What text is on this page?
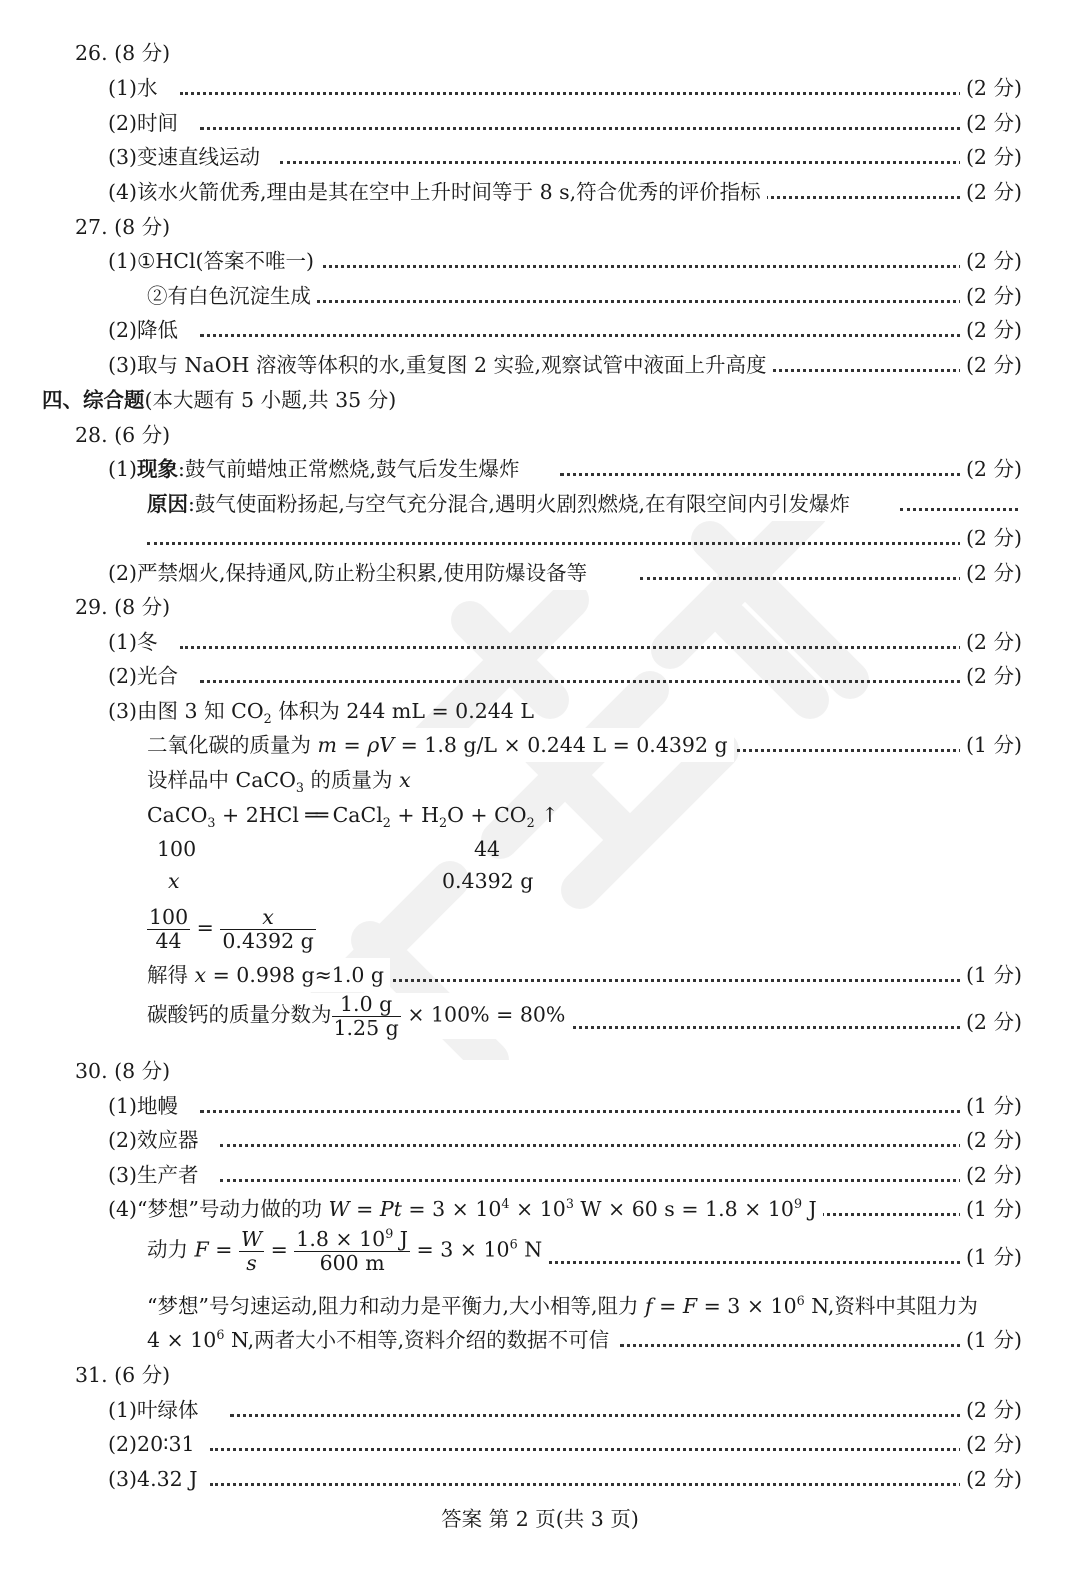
26. (8 分)
(1)水	(2 分)
(2)时间	(2 分)
(3)变速直线运动	(2 分)
(4)该水火箭优秀,理由是其在空中上升时间等于 8 s,符合优秀的评价指标	(2 分)
27. (8 分)
(1)①HCl(答案不唯一)	(2 分)
②有白色沉淀生成	(2 分)
(2)降低	(2 分)
(3)取与 NaOH 溶液等体积的水,重复图 2 实验,观察试管中液面上升高度	(2 分)
四、综合题(本大题有 5 小题,共 35 分)
28. (6 分)
(1)现象:鼓气前蜡烛正常燃烧,鼓气后发生爆炸	(2 分)
原因:鼓气使面粉扬起,与空气充分混合,遇明火剧烈燃烧,在有限空间内引发爆炸
(2 分)
(2)严禁烟火,保持通风,防止粉尘积累,使用防爆设备等	(2 分)
29. (8 分)
(1)冬	(2 分)
(2)光合	(2 分)
(3)由图 3 知 $CO_2$ 体积为 244 mL = 0.244 L
二氧化碳的质量为 m = ρV = 1.8 g/L × 0.244 L = 0.4392 g	(1 分)
设样品中 CaCO$_3$ 的质量为 x
CaCO$_3$ + 2HCl ══ CaCl$_2$ + $H_2O + CO_2$ ↑
100	44
x	0.4392 g
$\frac{100}{44} = \frac{x}{0.4392 g}$
解得 x = 0.998 g≈1.0 g	(1 分)
碳酸钙的质量分数为 $\frac{1.0 g}{1.25 g} \times 100\% = 80\%$	(2 分)
30. (8 分)
(1)地幔	(1 分)
(2)效应器	(2 分)
(3)生产者	(2 分)
(4)“梦想”号动力做的功 $W = Pt = 3 \times 10^4 \times 10^3$ W × 60 $s = 1.8 \times 10^9$ J	(1 分)
动力 $F = \frac{W}{s} = \frac{1.8 \times 10^9 J}{600 m} = 3 \times 10^6$ N	(1 分)
“梦想”号匀速运动,阻力和动力是平衡力,大小相等,阻力 $f = F = 3 \times 10^6$ N,资料中其阻力为
$4 \times 10^6$ N,两者大小不相等,资料介绍的数据不可信	(1 分)
31. (6 分)
(1)叶绿体	(2 分)
(2)20∶31	(2 分)
(3)4.32 J	(2 分)
答案 第 2 页(共 3 页)
